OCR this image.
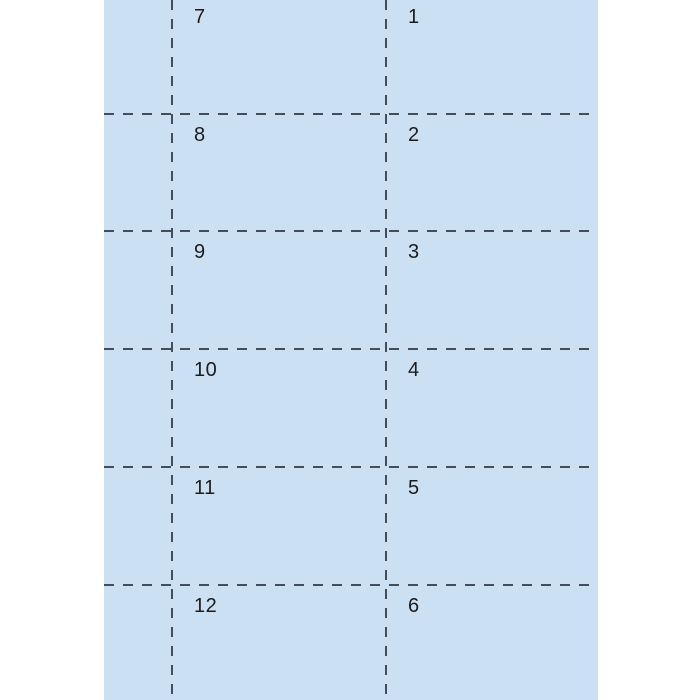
7	1
8	2
9	3
10	4
11	5
12	6
